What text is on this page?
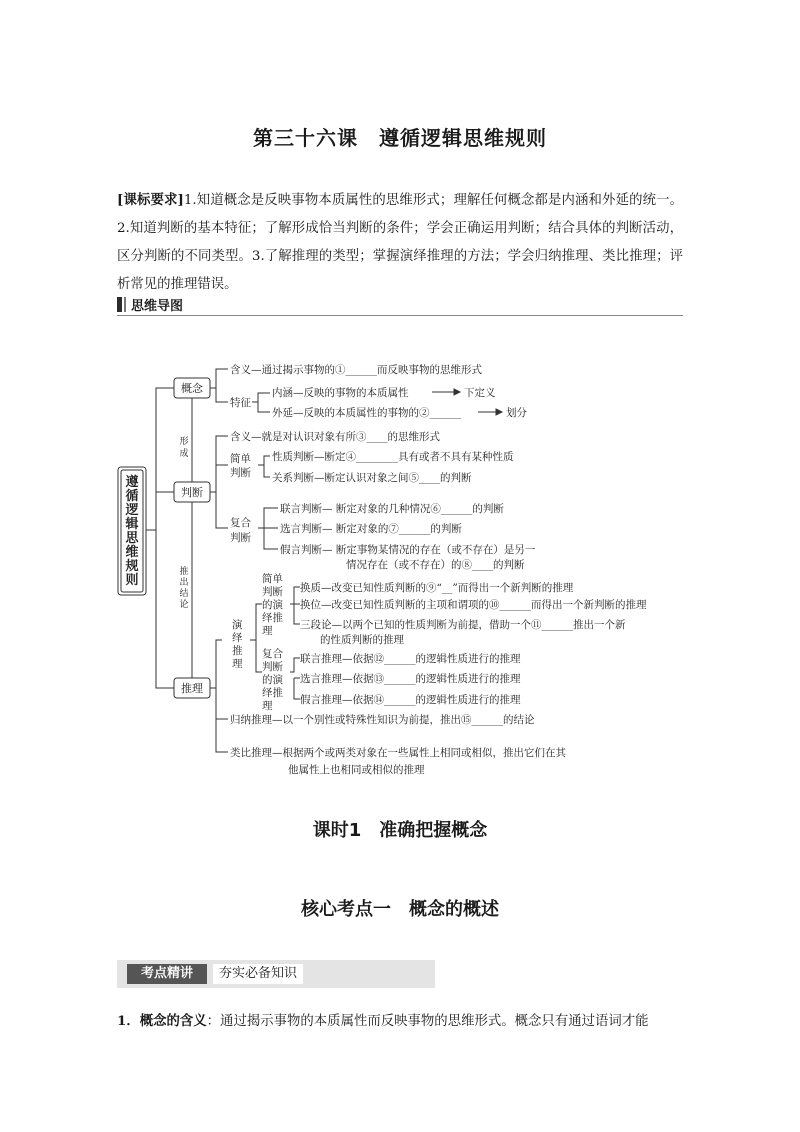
第三十六课　遵循逻辑思维规则
[课标要求]1.知道概念是反映事物本质属性的思维形式；理解任何概念都是内涵和外延的统一。2.知道判断的基本特征；了解形成恰当判断的条件；学会正确运用判断；结合具体的判断活动，区分判断的不同类型。3.了解推理的类型；掌握演绎推理的方法；学会归纳推理、类比推理；评析常见的推理错误。
思维导图
遵
循
逻
辑
思
维
规
则
概念
判断
推理
形
成
推
出
结
论
含义—通过揭示事物的①______而反映事物的思维形式
特征
内涵—反映的事物的本质属性	下定义
外延—反映的本质属性的事物的②______	划分
含义—就是对认识对象有所③____的思维形式
简单
判断
性质判断—断定④________具有或者不具有某种性质
关系判断—断定认识对象之间⑤____的判断
复合
判断
联言判断— 断定对象的几种情况⑥______的判断
选言判断— 断定对象的⑦______的判断
假言判断— 断定事物某情况的存在（或不存在）是另一
情况存在（或不存在）的⑧____的判断
演
绎
推
理
简单
判断
的演
绎推
理
换质—改变已知性质判断的⑨“__”而得出一个新判断的推理
换位—改变已知性质判断的主项和谓项的⑩______而得出一个新判断的推理
三段论—以两个已知的性质判断为前提，借助一个⑪______推出一个新
的性质判断的推理
复合
判断
的演
绎推
理
联言推理—依据⑫______的逻辑性质进行的推理
选言推理—依据⑬______的逻辑性质进行的推理
假言推理—依据⑭______的逻辑性质进行的推理
归纳推理—以一个别性或特殊性知识为前提，推出⑮______的结论
类比推理—根据两个或两类对象在一些属性上相同或相似，推出它们在其
他属性上也相同或相似的推理
课时1　准确把握概念
核心考点一　概念的概述
考点精讲	夯实必备知识
1．概念的含义：通过揭示事物的本质属性而反映事物的思维形式。概念只有通过语词才能
